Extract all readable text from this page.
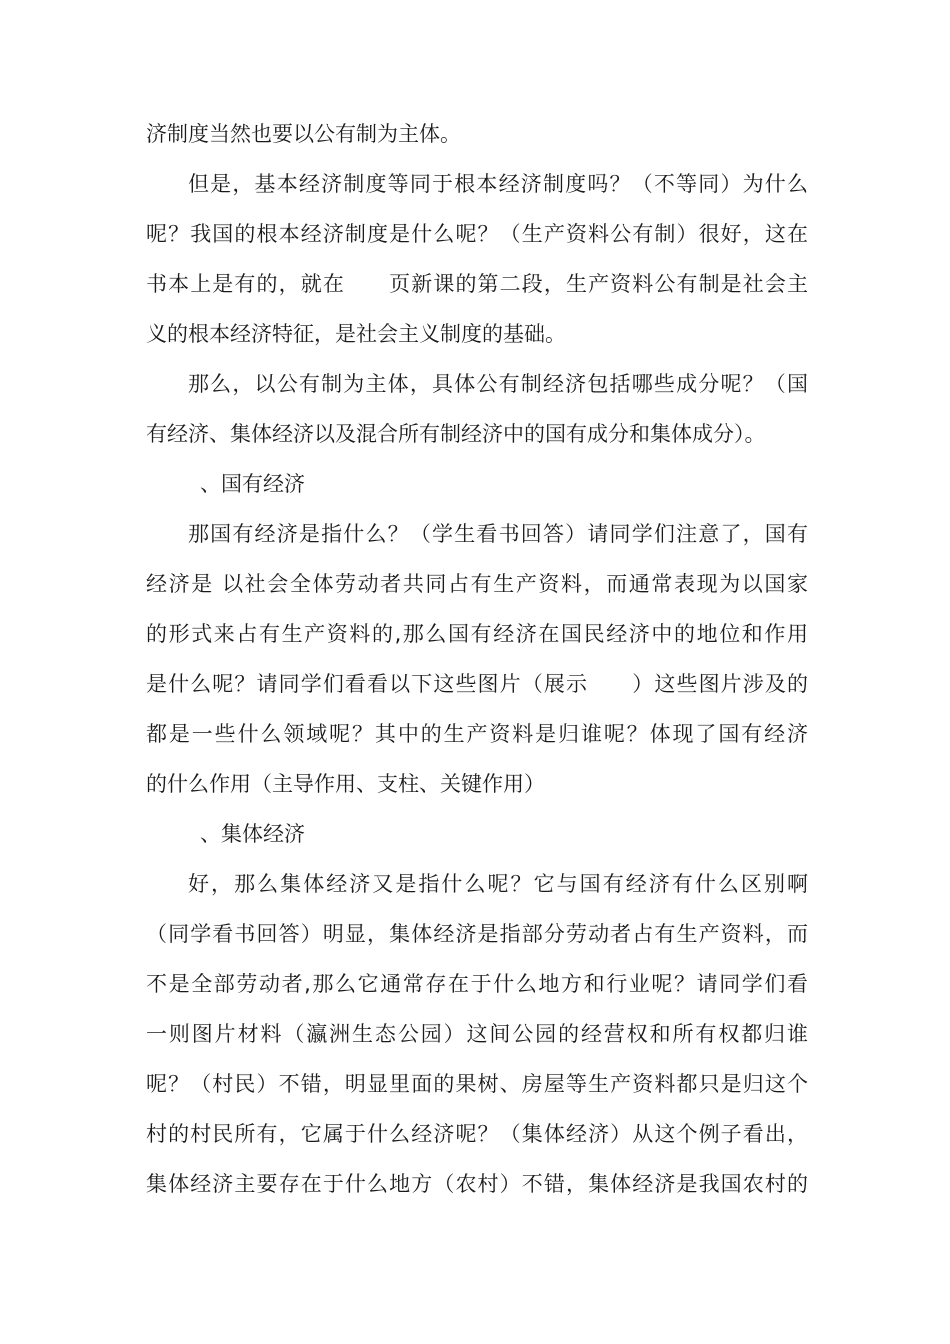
济制度当然也要以公有制为主体。
但是，基本经济制度等同于根本经济制度吗？（不等同）为什么
呢？我国的根本经济制度是什么呢？（生产资料公有制）很好，这在
书本上是有的，就在　　页新课的第二段，生产资料公有制是社会主
义的根本经济特征，是社会主义制度的基础。
那么，以公有制为主体，具体公有制经济包括哪些成分呢？（国
有经济、集体经济以及混合所有制经济中的国有成分和集体成分）。
、国有经济
那国有经济是指什么？（学生看书回答）请同学们注意了，国有
经济是 以社会全体劳动者共同占有生产资料，而通常表现为以国家
的形式来占有生产资料的,那么国有经济在国民经济中的地位和作用
是什么呢？请同学们看看以下这些图片（展示　　）这些图片涉及的
都是一些什么领域呢？其中的生产资料是归谁呢？体现了国有经济
的什么作用（主导作用、支柱、关键作用）
、集体经济
好，那么集体经济又是指什么呢？它与国有经济有什么区别啊
（同学看书回答）明显，集体经济是指部分劳动者占有生产资料，而
不是全部劳动者,那么它通常存在于什么地方和行业呢？请同学们看
一则图片材料（瀛洲生态公园）这间公园的经营权和所有权都归谁
呢？（村民）不错，明显里面的果树、房屋等生产资料都只是归这个
村的村民所有，它属于什么经济呢？（集体经济）从这个例子看出，
集体经济主要存在于什么地方（农村）不错，集体经济是我国农村的
